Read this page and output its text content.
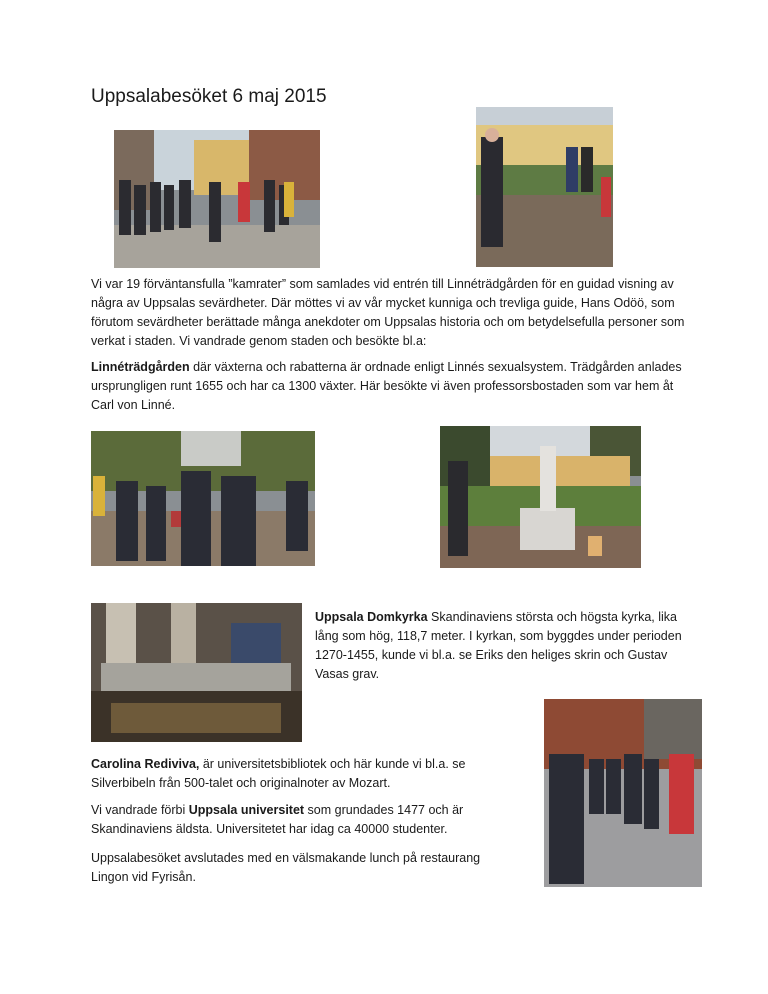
Uppsalabesöket 6 maj 2015

Vi var 19 förväntansfulla ”kamrater” som samlades vid entrén till Linnéträdgården för en guidad visning av några av Uppsalas sevärdheter. Där möttes vi av vår mycket kunniga och trevliga guide, Hans Odöö, som förutom sevärdheter berättade många anekdoter om Uppsalas historia och om betydelsefulla personer som verkat i staden. Vi vandrade genom staden och besökte bl.a:

Linnéträdgården där växterna och rabatterna är ordnade enligt Linnés sexualsystem. Trädgården anlades ursprungligen runt 1655 och har ca 1300 växter. Här besökte vi även professorsbostaden som var hem åt Carl von Linné.

Uppsala Domkyrka Skandinaviens största och högsta kyrka, lika lång som hög, 118,7 meter. I kyrkan, som byggdes under perioden 1270-1455, kunde vi bl.a. se Eriks den heliges skrin och Gustav Vasas grav.

Carolina Rediviva, är universitetsbibliotek och här kunde vi bl.a. se Silverbibeln från 500-talet och originalnoter av Mozart.

Vi vandrade förbi Uppsala universitet som grundades 1477 och är Skandinaviens äldsta. Universitetet har idag ca 40000 studenter.

Uppsalabesöket avslutades med en välsmakande lunch på restaurang Lingon vid Fyrisån.
